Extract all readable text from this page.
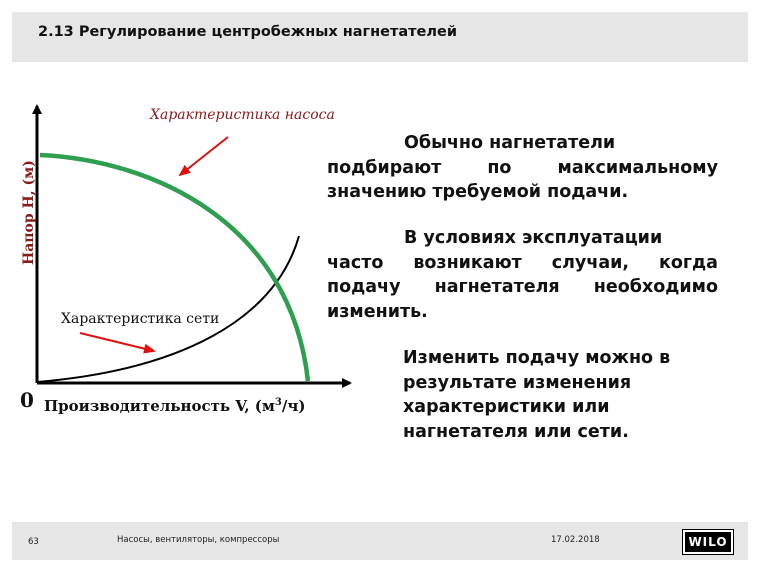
2.13 Регулирование центробежных нагнетателей
Напор H, (м)
Характеристика насоса
Характеристика сети
0 Производительность V, $(м^3/ч)$
Обычно нагнетатели
подбирают по максимальному
значению требуемой подачи.
В условиях эксплуатации
часто возникают случаи, когда
подачу нагнетателя необходимо
изменить.
Изменить подачу можно в
результате изменения
характеристики или
нагнетателя или сети.
63	Насосы, вентиляторы, компрессоры	17.02.2018	WILO
